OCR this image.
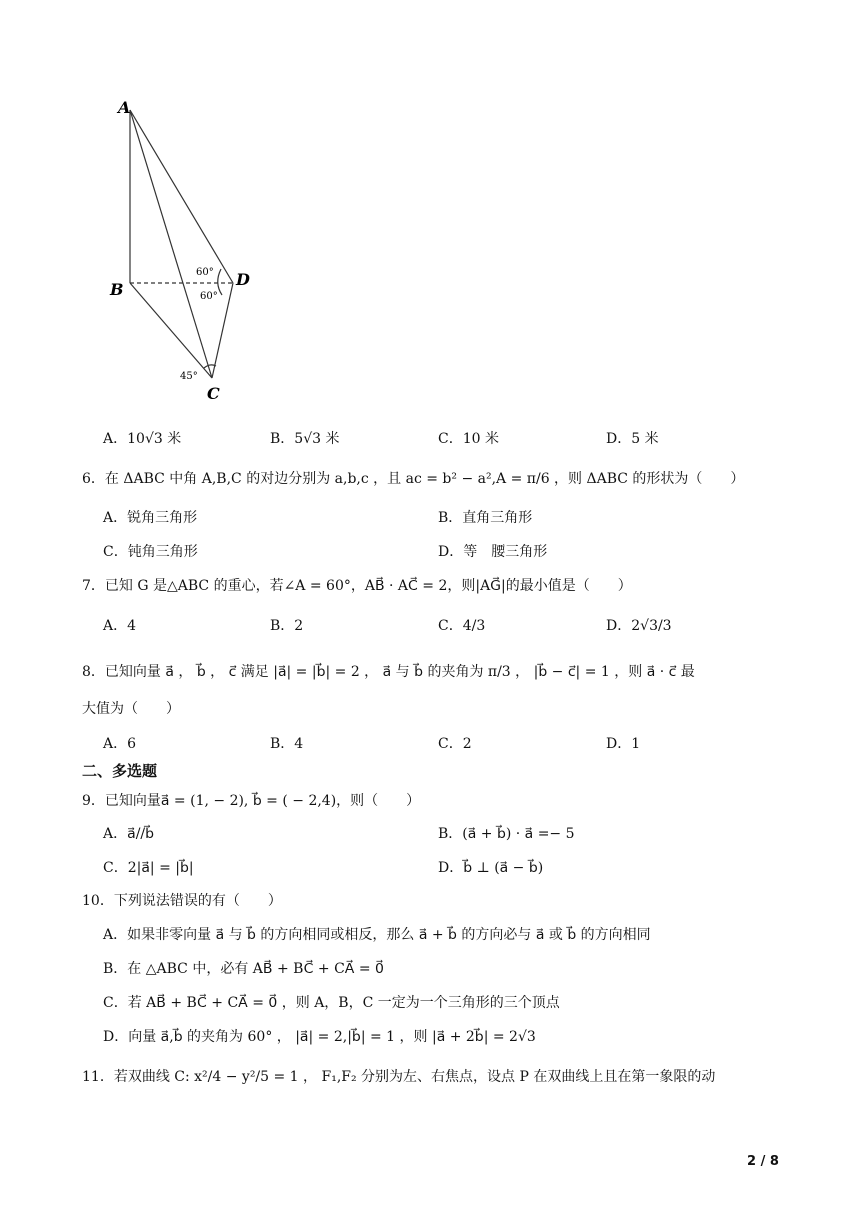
A
B
C
D
60°
60°
45°
A．10√3 米	B．5√3 米	C．10 米	D．5 米
6．在 ΔABC 中角 A,B,C 的对边分别为 a,b,c ，且 ac = b² − a²,A = π/6 ，则 ΔABC 的形状为（　　）
A．锐角三角形	B．直角三角形
C．钝角三角形	D．等　腰三角形
7．已知 G 是△ABC 的重心，若∠A = 60°，AB⃗ · AC⃗ = 2，则|AG⃗|的最小值是（　　）
A．4	B．2	C．4/3	D．2√3/3
8．已知向量 a⃗ ， b⃗ ， c⃗ 满足 |a⃗| = |b⃗| = 2 ， a⃗ 与 b⃗ 的夹角为 π/3 ， |b⃗ − c⃗| = 1 ，则 a⃗ · c⃗ 最
大值为（　　）
A．6	B．4	C．2	D．1
二、多选题
9．已知向量a⃗ = (1, − 2), b⃗ = ( − 2,4)，则（　　）
A．a⃗//b⃗	B．(a⃗ + b⃗) · a⃗ =− 5
C．2|a⃗| = |b⃗|	D．b⃗ ⊥ (a⃗ − b⃗)
10．下列说法错误的有（　　）
A．如果非零向量 a⃗ 与 b⃗ 的方向相同或相反，那么 a⃗ + b⃗ 的方向必与 a⃗ 或 b⃗ 的方向相同
B．在 △ABC 中，必有 AB⃗ + BC⃗ + CA⃗ = 0⃗
C．若 AB⃗ + BC⃗ + CA⃗ = 0⃗ ，则 A，B，C 一定为一个三角形的三个顶点
D．向量 a⃗,b⃗ 的夹角为 60° ， |a⃗| = 2,|b⃗| = 1 ，则 |a⃗ + 2b⃗| = 2√3
11．若双曲线 C: x²/4 − y²/5 = 1 ， F₁,F₂ 分别为左、右焦点，设点 P 在双曲线上且在第一象限的动
2 / 8
